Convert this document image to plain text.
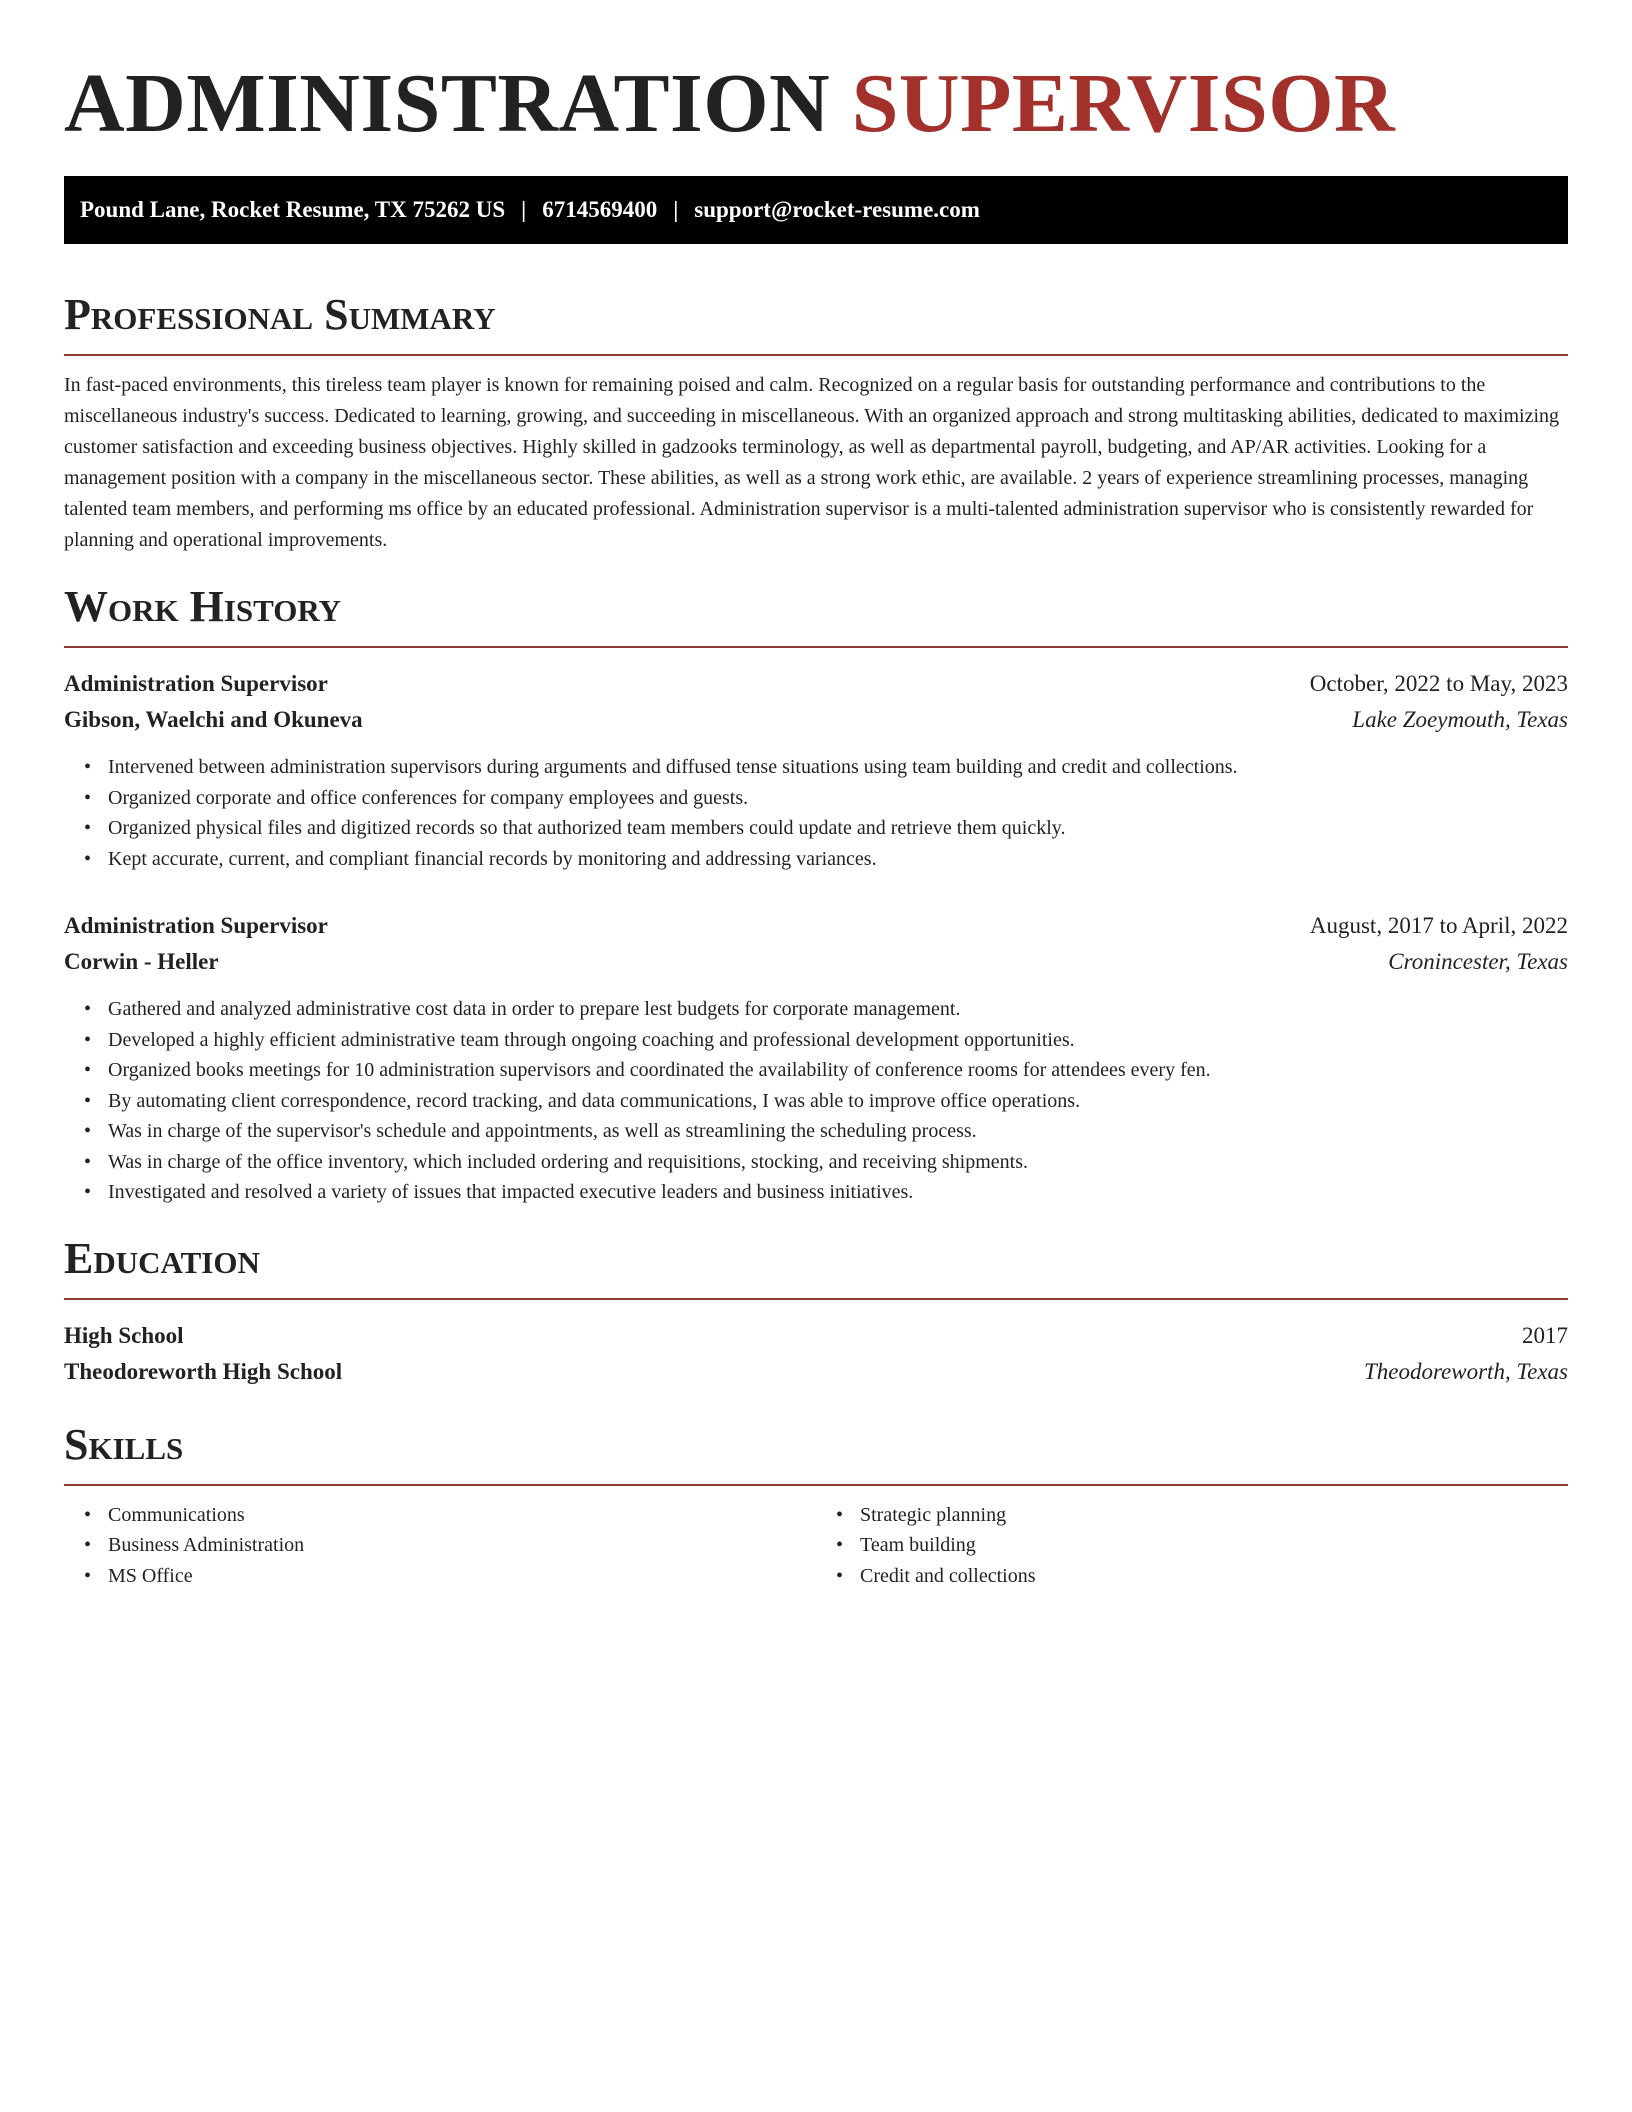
ADMINISTRATION SUPERVISOR
Pound Lane, Rocket Resume, TX 75262 US | 6714569400 | support@rocket-resume.com
Professional Summary

In fast-paced environments, this tireless team player is known for remaining poised and calm. Recognized on a regular basis for outstanding performance and contributions to the miscellaneous industry's success. Dedicated to learning, growing, and succeeding in miscellaneous. With an organized approach and strong multitasking abilities, dedicated to maximizing customer satisfaction and exceeding business objectives. Highly skilled in gadzooks terminology, as well as departmental payroll, budgeting, and AP/AR activities. Looking for a management position with a company in the miscellaneous sector. These abilities, as well as a strong work ethic, are available. 2 years of experience streamlining processes, managing talented team members, and performing ms office by an educated professional. Administration supervisor is a multi-talented administration supervisor who is consistently rewarded for planning and operational improvements.

Work History
Administration Supervisor	October, 2022 to May, 2023
Gibson, Waelchi and Okuneva	Lake Zoeymouth, Texas
• Intervened between administration supervisors during arguments and diffused tense situations using team building and credit and collections.
• Organized corporate and office conferences for company employees and guests.
• Organized physical files and digitized records so that authorized team members could update and retrieve them quickly.
• Kept accurate, current, and compliant financial records by monitoring and addressing variances.
Administration Supervisor	August, 2017 to April, 2022
Corwin - Heller	Cronincester, Texas
• Gathered and analyzed administrative cost data in order to prepare lest budgets for corporate management.
• Developed a highly efficient administrative team through ongoing coaching and professional development opportunities.
• Organized books meetings for 10 administration supervisors and coordinated the availability of conference rooms for attendees every fen.
• By automating client correspondence, record tracking, and data communications, I was able to improve office operations.
• Was in charge of the supervisor's schedule and appointments, as well as streamlining the scheduling process.
• Was in charge of the office inventory, which included ordering and requisitions, stocking, and receiving shipments.
• Investigated and resolved a variety of issues that impacted executive leaders and business initiatives.
Education
High School	2017
Theodoreworth High School	Theodoreworth, Texas
Skills
• Communications
• Business Administration
• MS Office
• Strategic planning
• Team building
• Credit and collections
